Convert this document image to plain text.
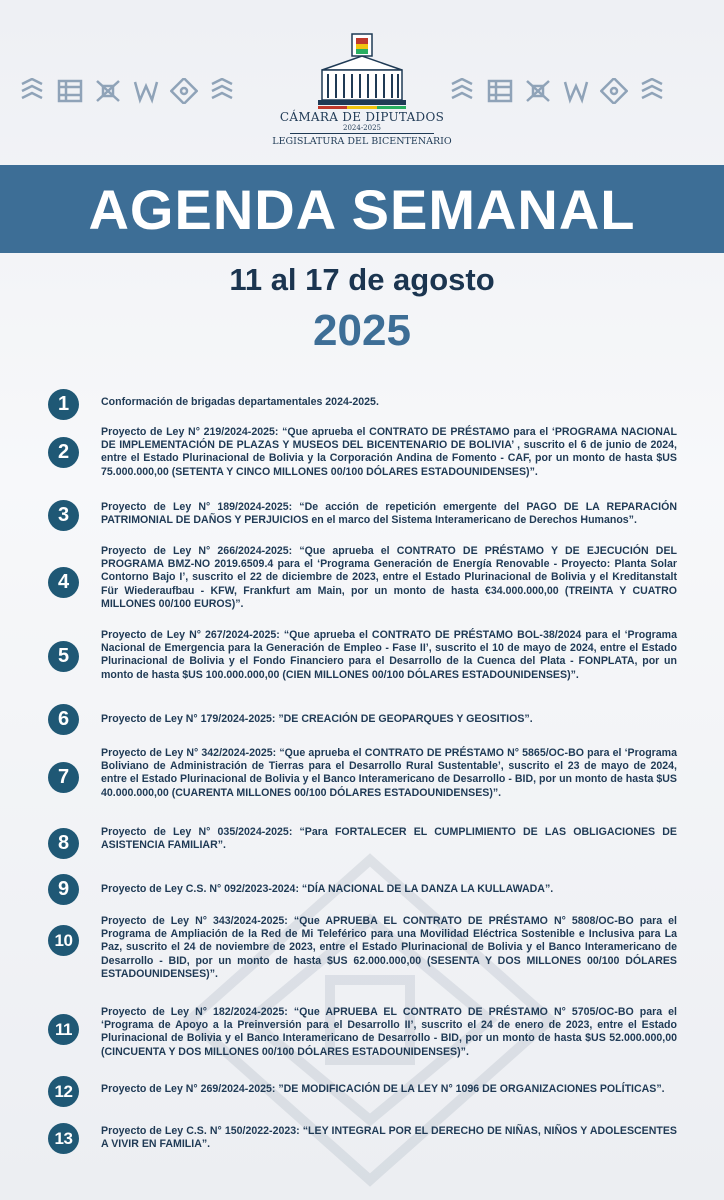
CÁMARA DE DIPUTADOS
2024-2025
LEGISLATURA DEL BICENTENARIO
AGENDA SEMANAL
11 al 17 de agosto
2025
1	Conformación de brigadas departamentales 2024-2025.
2
Proyecto de Ley N° 219/2024-2025: “Que aprueba el CONTRATO DE PRÉSTAMO para el ‘PROGRAMA NACIONAL DE IMPLEMENTACIÓN DE PLAZAS Y MUSEOS DEL BICENTENARIO DE BOLIVIA’ , suscrito el 6 de junio de 2024, entre el Estado Plurinacional de Bolivia y la Corporación Andina de Fomento - CAF, por un monto de hasta $US 75.000.000,00 (SETENTA Y CINCO MILLONES 00/100 DÓLARES ESTADOUNIDENSES)”.
3	Proyecto de Ley N° 189/2024-2025: “De acción de repetición emergente del PAGO DE LA REPARACIÓN PATRIMONIAL DE DAÑOS Y PERJUICIOS en el marco del Sistema Interamericano de Derechos Humanos”.
4
Proyecto de Ley N° 266/2024-2025: “Que aprueba el CONTRATO DE PRÉSTAMO Y DE EJECUCIÓN DEL PROGRAMA BMZ-NO 2019.6509.4 para el ‘Programa Generación de Energía Renovable - Proyecto: Planta Solar Contorno Bajo I’, suscrito el 22 de diciembre de 2023, entre el Estado Plurinacional de Bolivia y el Kreditanstalt Für Wiederaufbau - KFW, Frankfurt am Main, por un monto de hasta €34.000.000,00 (TREINTA Y CUATRO MILLONES 00/100 EUROS)”.
5
Proyecto de Ley N° 267/2024-2025: “Que aprueba el CONTRATO DE PRÉSTAMO BOL-38/2024 para el ‘Programa Nacional de Emergencia para la Generación de Empleo - Fase II’, suscrito el 10 de mayo de 2024, entre el Estado Plurinacional de Bolivia y el Fondo Financiero para el Desarrollo de la Cuenca del Plata - FONPLATA, por un monto de hasta $US 100.000.000,00 (CIEN MILLONES 00/100 DÓLARES ESTADOUNIDENSES)”.
6	Proyecto de Ley N° 179/2024-2025: ”DE CREACIÓN DE GEOPARQUES Y GEOSITIOS”.
7
Proyecto de Ley N° 342/2024-2025: “Que aprueba el CONTRATO DE PRÉSTAMO N° 5865/OC-BO para el ‘Programa Boliviano de Administración de Tierras para el Desarrollo Rural Sustentable’, suscrito el 23 de mayo de 2024, entre el Estado Plurinacional de Bolivia y el Banco Interamericano de Desarrollo - BID, por un monto de hasta $US 40.000.000,00 (CUARENTA MILLONES 00/100 DÓLARES ESTADOUNIDENSES)”.
8	Proyecto de Ley N° 035/2024-2025: “Para FORTALECER EL CUMPLIMIENTO DE LAS OBLIGACIONES DE ASISTENCIA FAMILIAR”.
9	Proyecto de Ley C.S. N° 092/2023-2024: “DÍA NACIONAL DE LA DANZA LA KULLAWADA”.
10
Proyecto de Ley N° 343/2024-2025: “Que APRUEBA EL CONTRATO DE PRÉSTAMO N° 5808/OC-BO para el Programa de Ampliación de la Red de Mi Teleférico para una Movilidad Eléctrica Sostenible e Inclusiva para La Paz, suscrito el 24 de noviembre de 2023, entre el Estado Plurinacional de Bolivia y el Banco Interamericano de Desarrollo - BID, por un monto de hasta $US 62.000.000,00 (SESENTA Y DOS MILLONES 00/100 DÓLARES ESTADOUNIDENSES)”.
11
Proyecto de Ley N° 182/2024-2025: “Que APRUEBA EL CONTRATO DE PRÉSTAMO N° 5705/OC-BO para el ‘Programa de Apoyo a la Preinversión para el Desarrollo II’, suscrito el 24 de enero de 2023, entre el Estado Plurinacional de Bolivia y el Banco Interamericano de Desarrollo - BID, por un monto de hasta $US 52.000.000,00 (CINCUENTA Y DOS MILLONES 00/100 DÓLARES ESTADOUNIDENSES)”.
12	Proyecto de Ley N° 269/2024-2025: ”DE MODIFICACIÓN DE LA LEY N° 1096 DE ORGANIZACIONES POLÍTICAS”.
13	Proyecto de Ley C.S. N° 150/2022-2023: “LEY INTEGRAL POR EL DERECHO DE NIÑAS, NIÑOS Y ADOLESCENTES A VIVIR EN FAMILIA”.
